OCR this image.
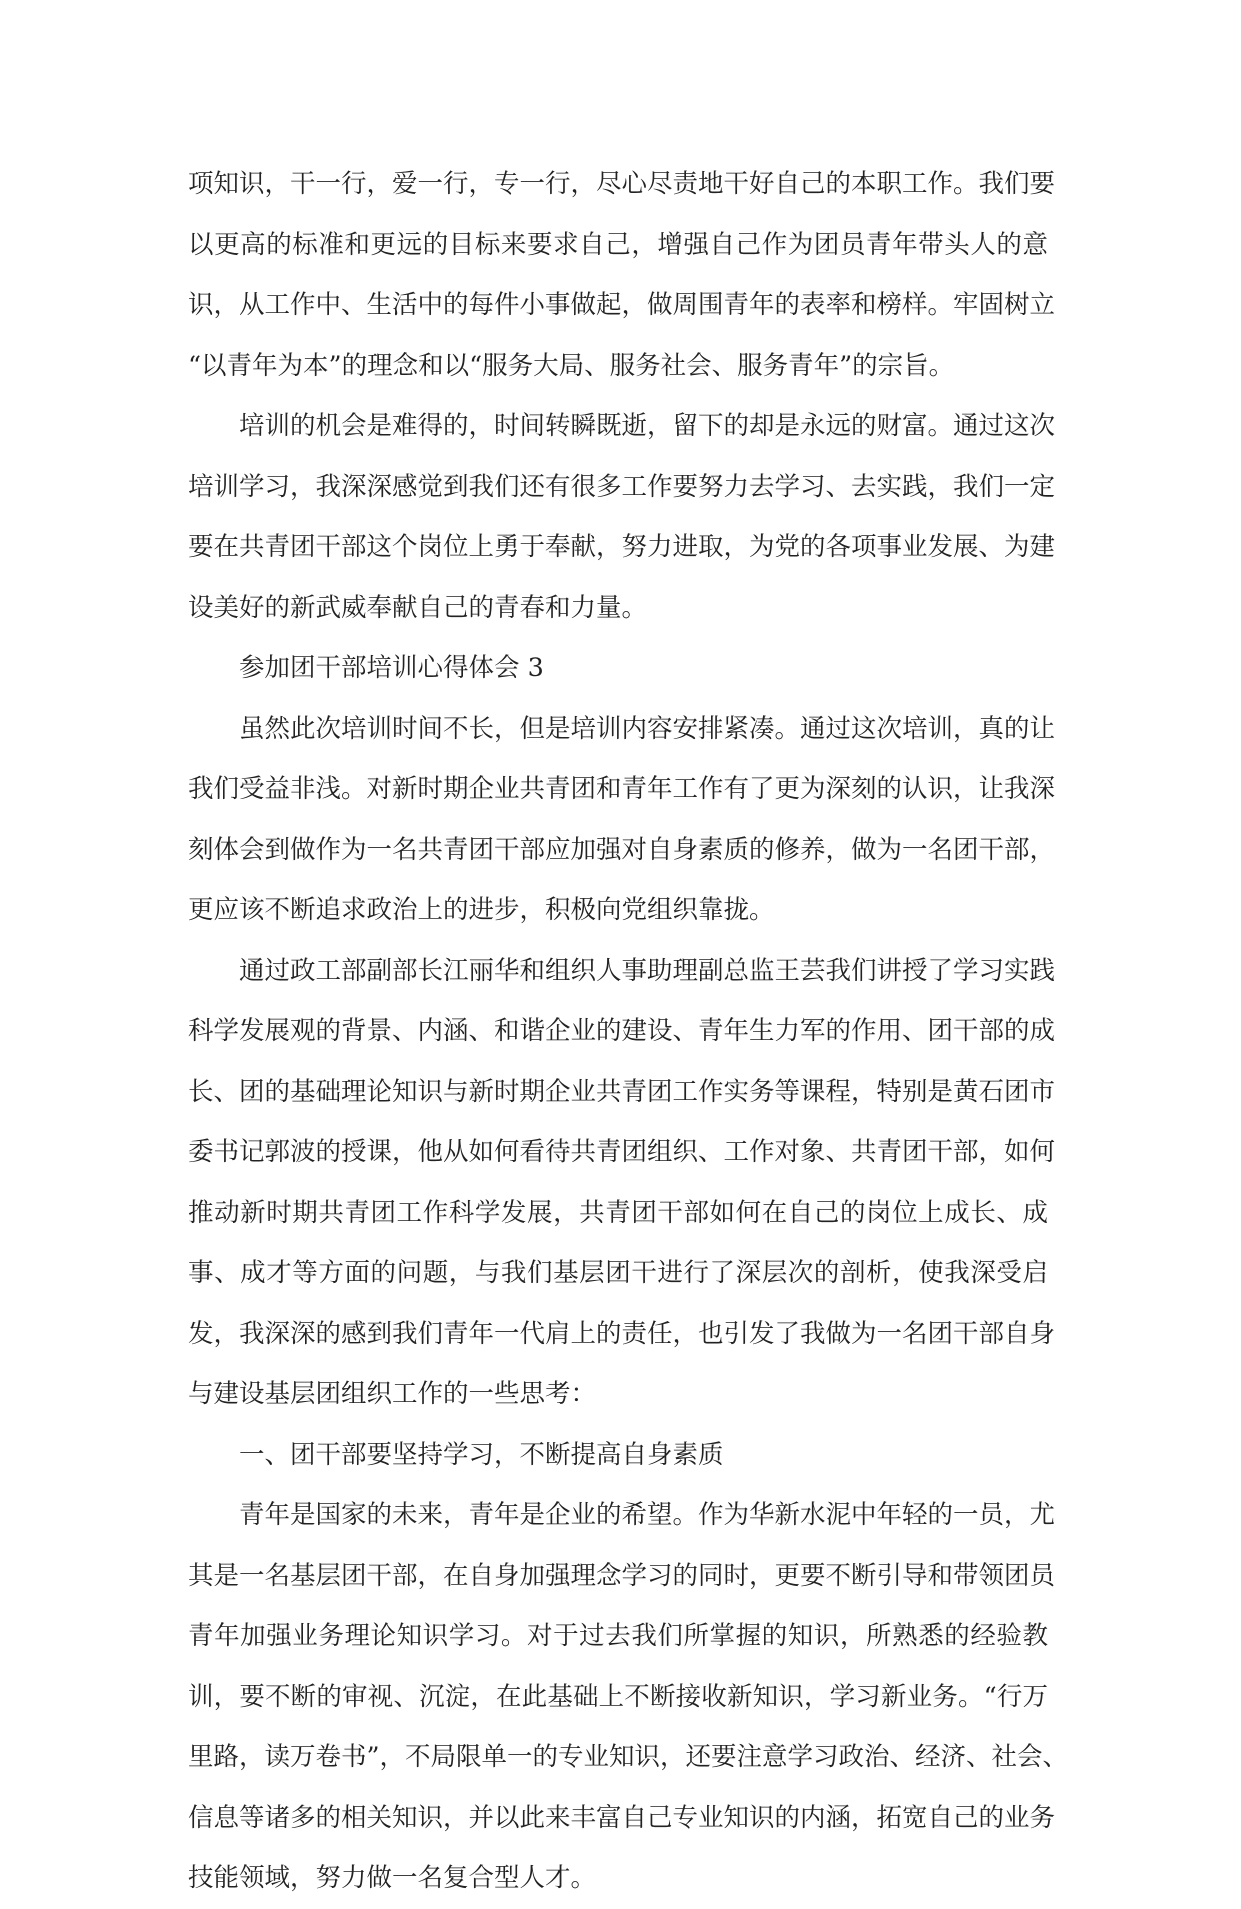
项知识，干一行，爱一行，专一行，尽心尽责地干好自己的本职工作。我们要
以更高的标准和更远的目标来要求自己，增强自己作为团员青年带头人的意
识，从工作中、生活中的每件小事做起，做周围青年的表率和榜样。牢固树立
“以青年为本”的理念和以“服务大局、服务社会、服务青年”的宗旨。
培训的机会是难得的，时间转瞬既逝，留下的却是永远的财富。通过这次
培训学习，我深深感觉到我们还有很多工作要努力去学习、去实践，我们一定
要在共青团干部这个岗位上勇于奉献，努力进取，为党的各项事业发展、为建
设美好的新武威奉献自己的青春和力量。
参加团干部培训心得体会 3
虽然此次培训时间不长，但是培训内容安排紧凑。通过这次培训，真的让
我们受益非浅。对新时期企业共青团和青年工作有了更为深刻的认识，让我深
刻体会到做作为一名共青团干部应加强对自身素质的修养，做为一名团干部，
更应该不断追求政治上的进步，积极向党组织靠拢。
通过政工部副部长江丽华和组织人事助理副总监王芸我们讲授了学习实践
科学发展观的背景、内涵、和谐企业的建设、青年生力军的作用、团干部的成
长、团的基础理论知识与新时期企业共青团工作实务等课程，特别是黄石团市
委书记郭波的授课，他从如何看待共青团组织、工作对象、共青团干部，如何
推动新时期共青团工作科学发展，共青团干部如何在自己的岗位上成长、成
事、成才等方面的问题，与我们基层团干进行了深层次的剖析，使我深受启
发，我深深的感到我们青年一代肩上的责任，也引发了我做为一名团干部自身
与建设基层团组织工作的一些思考：
一、团干部要坚持学习，不断提高自身素质
青年是国家的未来，青年是企业的希望。作为华新水泥中年轻的一员，尤
其是一名基层团干部，在自身加强理念学习的同时，更要不断引导和带领团员
青年加强业务理论知识学习。对于过去我们所掌握的知识，所熟悉的经验教
训，要不断的审视、沉淀，在此基础上不断接收新知识，学习新业务。“行万
里路，读万卷书”，不局限单一的专业知识，还要注意学习政治、经济、社会、
信息等诸多的相关知识，并以此来丰富自己专业知识的内涵，拓宽自己的业务
技能领域，努力做一名复合型人才。
